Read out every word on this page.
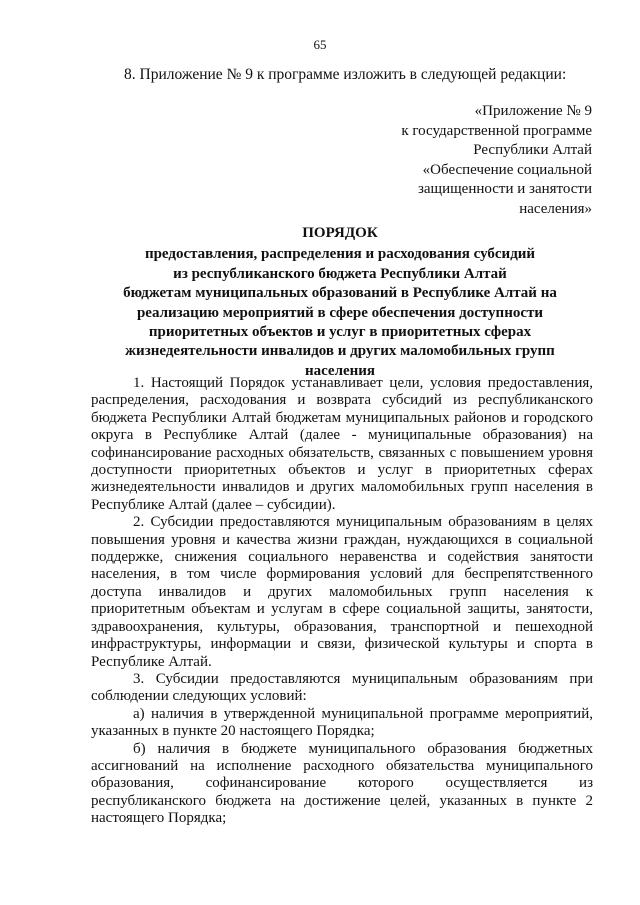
65
8. Приложение № 9 к программе изложить в следующей редакции:
«Приложение № 9
к государственной программе
Республики Алтай
«Обеспечение социальной
защищенности и занятости
населения»
ПОРЯДОК
предоставления, распределения и расходования субсидий
из республиканского бюджета Республики Алтай
бюджетам муниципальных образований в Республике Алтай на
реализацию мероприятий в сфере обеспечения доступности
приоритетных объектов и услуг в приоритетных сферах
жизнедеятельности инвалидов и других маломобильных групп
населения

1. Настоящий Порядок устанавливает цели, условия предоставления, распределения, расходования и возврата субсидий из республиканского бюджета Республики Алтай бюджетам муниципальных районов и городского округа в Республике Алтай (далее - муниципальные образования) на софинансирование расходных обязательств, связанных с повышением уровня доступности приоритетных объектов и услуг в приоритетных сферах жизнедеятельности инвалидов и других маломобильных групп населения в Республике Алтай (далее – субсидии).

2. Субсидии предоставляются муниципальным образованиям в целях повышения уровня и качества жизни граждан, нуждающихся в социальной поддержке, снижения социального неравенства и содействия занятости населения, в том числе формирования условий для беспрепятственного доступа инвалидов и других маломобильных групп населения к приоритетным объектам и услугам в сфере социальной защиты, занятости, здравоохранения, культуры, образования, транспортной и пешеходной инфраструктуры, информации и связи, физической культуры и спорта в Республике Алтай.

3. Субсидии предоставляются муниципальным образованиям при соблюдении следующих условий:

а) наличия в утвержденной муниципальной программе мероприятий, указанных в пункте 20 настоящего Порядка;

б) наличия в бюджете муниципального образования бюджетных ассигнований на исполнение расходного обязательства муниципального образования, софинансирование которого осуществляется из республиканского бюджета на достижение целей, указанных в пункте 2 настоящего Порядка;
